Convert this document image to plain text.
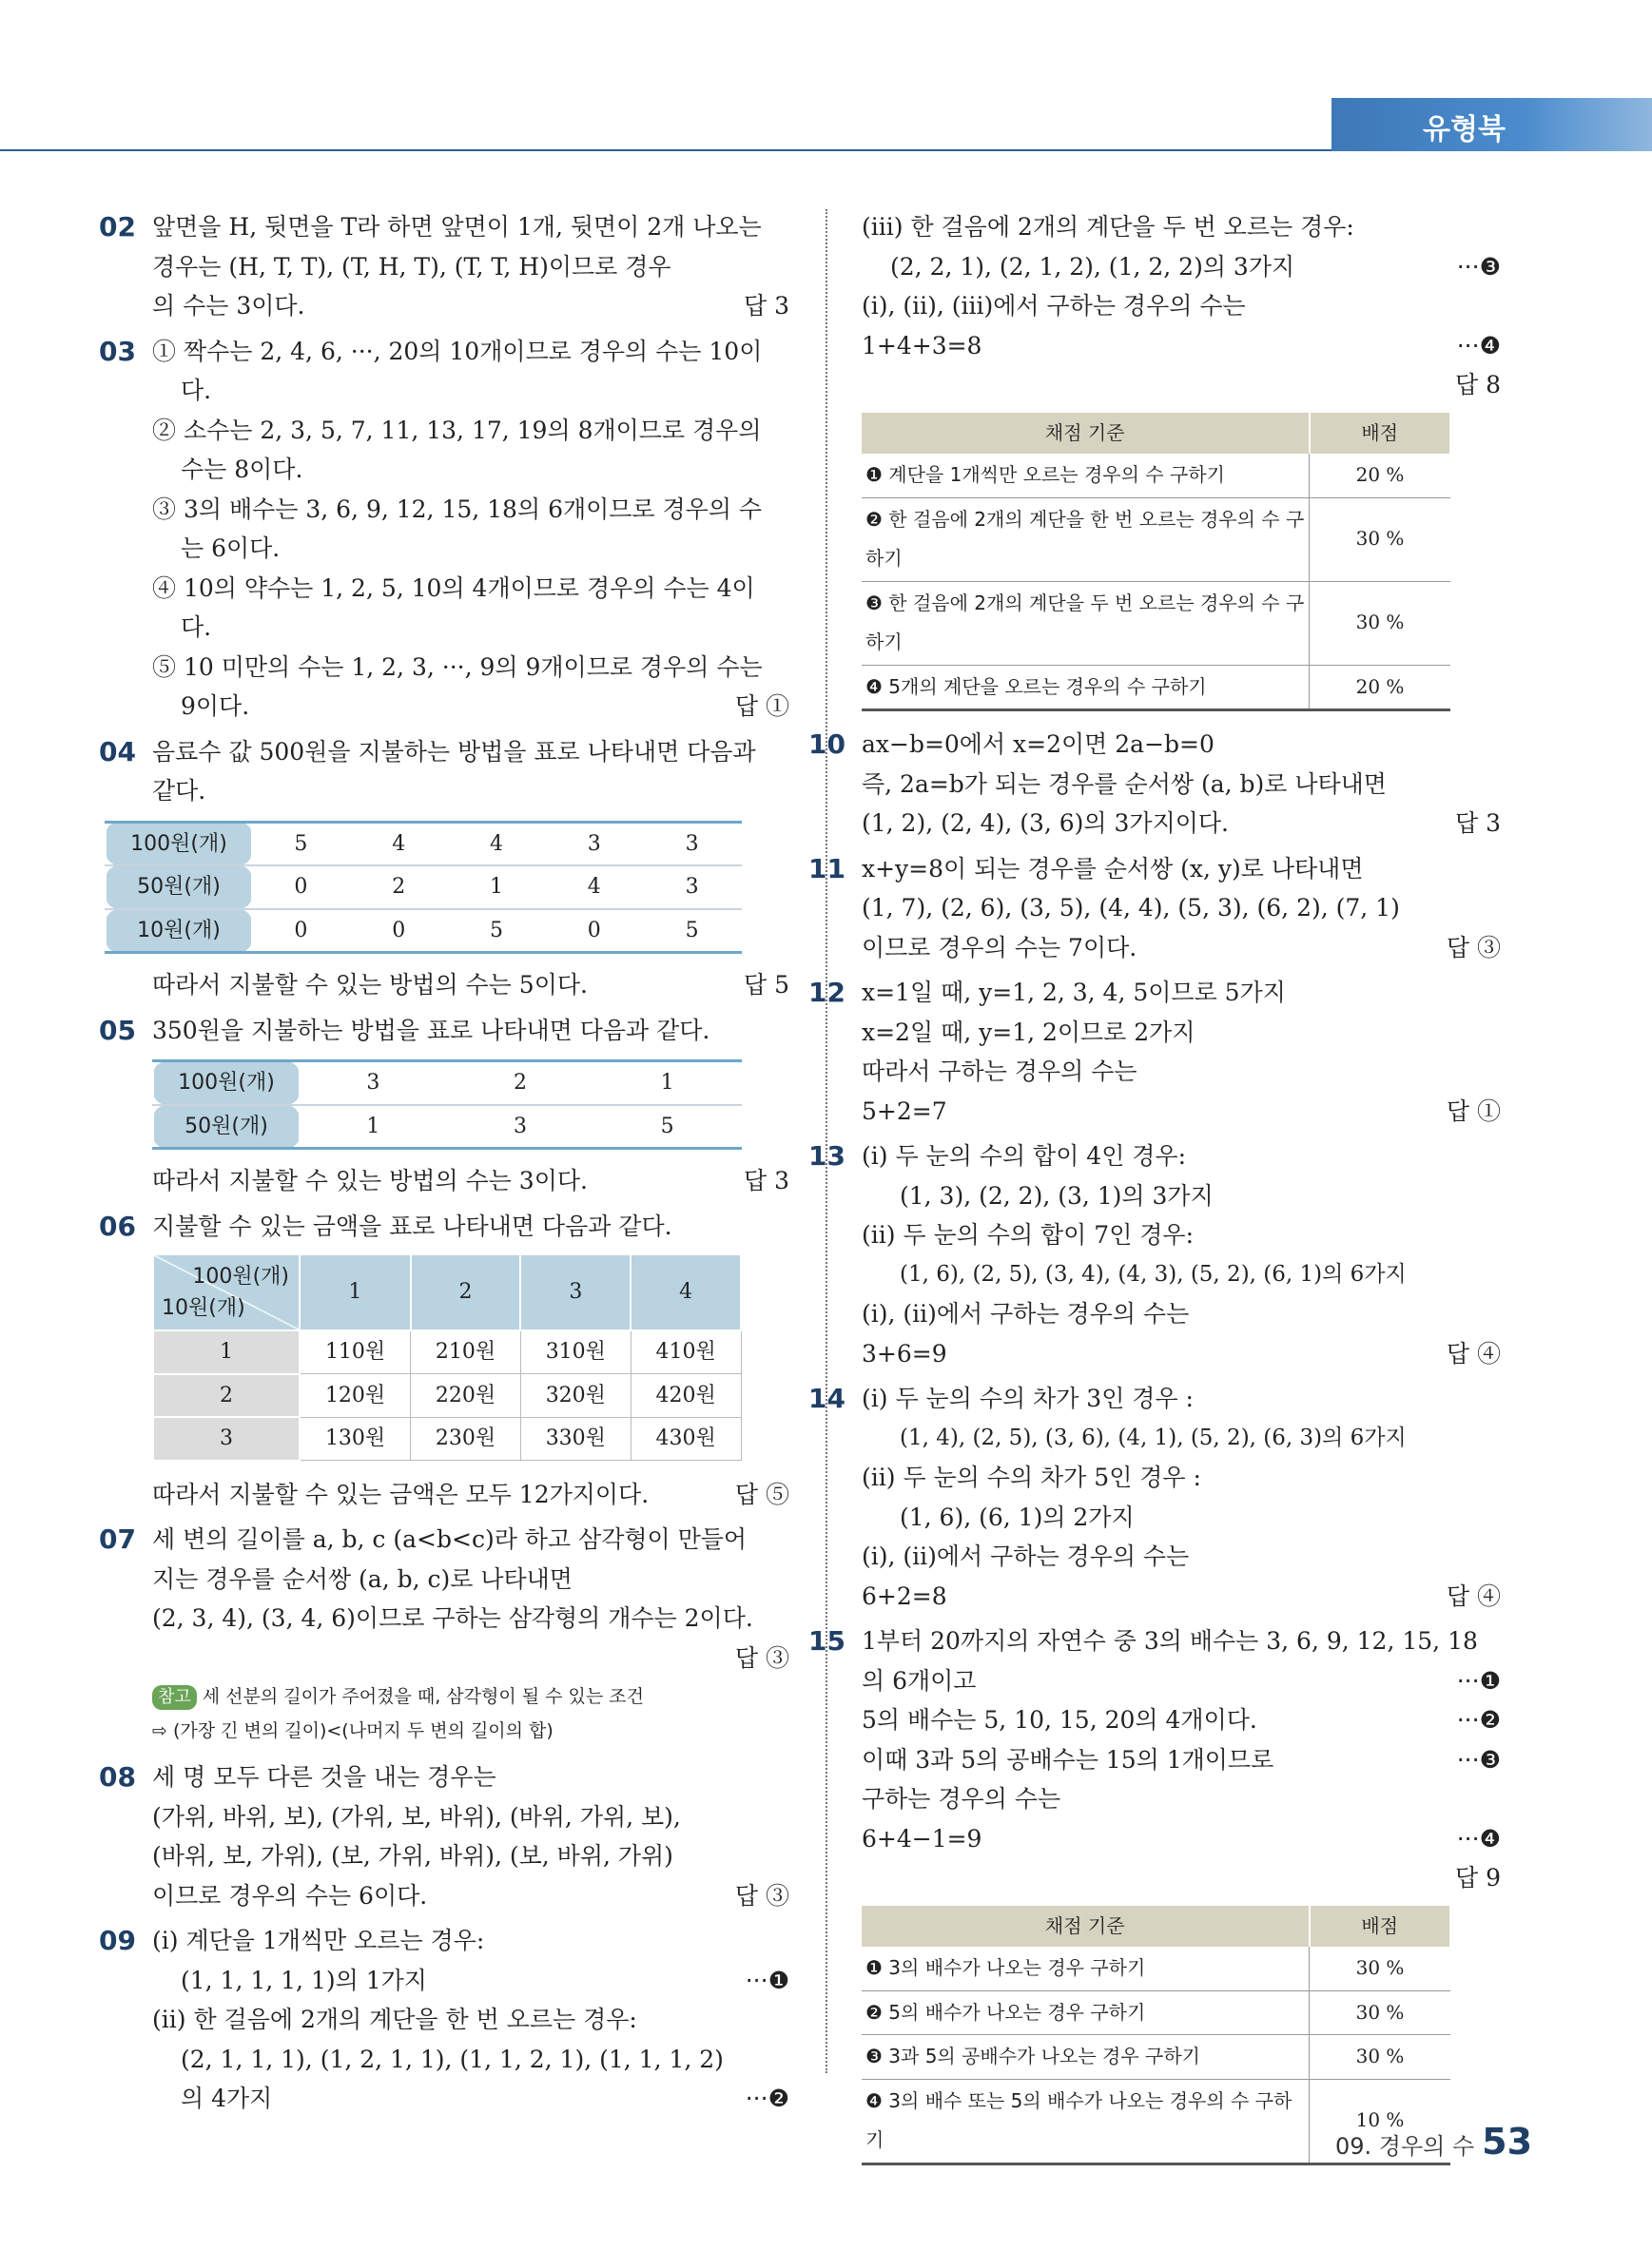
유형북
02 앞면을 H, 뒷면을 T라 하면 앞면이 1개, 뒷면이 2개 나오는
경우는 (H, T, T), (T, H, T), (T, T, H)이므로 경우
의 수는 3이다.	답 3
03 ① 짝수는 2, 4, 6, ···, 20의 10개이므로 경우의 수는 10이
다.
② 소수는 2, 3, 5, 7, 11, 13, 17, 19의 8개이므로 경우의
수는 8이다.
③ 3의 배수는 3, 6, 9, 12, 15, 18의 6개이므로 경우의 수
는 6이다.
④ 10의 약수는 1, 2, 5, 10의 4개이므로 경우의 수는 4이
다.
⑤ 10 미만의 수는 1, 2, 3, ···, 9의 9개이므로 경우의 수는
9이다.	답 ①
04 음료수 값 500원을 지불하는 방법을 표로 나타내면 다음과
같다.
100원(개)	5	4	4	3	3
50원(개)	0	2	1	4	3
10원(개)	0	0	5	0	5
따라서 지불할 수 있는 방법의 수는 5이다.	답 5
05 350원을 지불하는 방법을 표로 나타내면 다음과 같다.
100원(개)	3	2	1
50원(개)	1	3	5
따라서 지불할 수 있는 방법의 수는 3이다.	답 3
06 지불할 수 있는 금액을 표로 나타내면 다음과 같다.
100원(개)
10원(개)	1	2	3	4
1	110원	210원	310원	410원
2	120원	220원	320원	420원
3	130원	230원	330원	430원
따라서 지불할 수 있는 금액은 모두 12가지이다.	답 ⑤
07 세 변의 길이를 a, b, c (a<b<c)라 하고 삼각형이 만들어
지는 경우를 순서쌍 (a, b, c)로 나타내면
(2, 3, 4), (3, 4, 6)이므로 구하는 삼각형의 개수는 2이다.
답 ③
참고 세 선분의 길이가 주어졌을 때, 삼각형이 될 수 있는 조건
⇨ (가장 긴 변의 길이)<(나머지 두 변의 길이의 합)
08 세 명 모두 다른 것을 내는 경우는
(가위, 바위, 보), (가위, 보, 바위), (바위, 가위, 보),
(바위, 보, 가위), (보, 가위, 바위), (보, 바위, 가위)
이므로 경우의 수는 6이다.	답 ③
09 (ⅰ) 계단을 1개씩만 오르는 경우:
(1, 1, 1, 1, 1)의 1가지	···❶
(ⅱ) 한 걸음에 2개의 계단을 한 번 오르는 경우:
(2, 1, 1, 1), (1, 2, 1, 1), (1, 1, 2, 1), (1, 1, 1, 2)
의 4가지	···❷
(ⅲ) 한 걸음에 2개의 계단을 두 번 오르는 경우:
(2, 2, 1), (2, 1, 2), (1, 2, 2)의 3가지	···❸
(ⅰ), (ⅱ), (ⅲ)에서 구하는 경우의 수는
1+4+3=8	···❹
답 8
채점 기준	배점
❶ 계단을 1개씩만 오르는 경우의 수 구하기	20 %
❷ 한 걸음에 2개의 계단을 한 번 오르는 경우의 수 구하기	30 %
❸ 한 걸음에 2개의 계단을 두 번 오르는 경우의 수 구하기	30 %
❹ 5개의 계단을 오르는 경우의 수 구하기	20 %
10 ax−b=0에서 x=2이면 2a−b=0
즉, 2a=b가 되는 경우를 순서쌍 (a, b)로 나타내면
(1, 2), (2, 4), (3, 6)의 3가지이다.	답 3
11 x+y=8이 되는 경우를 순서쌍 (x, y)로 나타내면
(1, 7), (2, 6), (3, 5), (4, 4), (5, 3), (6, 2), (7, 1)
이므로 경우의 수는 7이다.	답 ③
12 x=1일 때, y=1, 2, 3, 4, 5이므로 5가지
x=2일 때, y=1, 2이므로 2가지
따라서 구하는 경우의 수는
5+2=7	답 ①
13 (ⅰ) 두 눈의 수의 합이 4인 경우:
(1, 3), (2, 2), (3, 1)의 3가지
(ⅱ) 두 눈의 수의 합이 7인 경우:
(1, 6), (2, 5), (3, 4), (4, 3), (5, 2), (6, 1)의 6가지
(ⅰ), (ⅱ)에서 구하는 경우의 수는
3+6=9	답 ④
14 (ⅰ) 두 눈의 수의 차가 3인 경우 :
(1, 4), (2, 5), (3, 6), (4, 1), (5, 2), (6, 3)의 6가지
(ⅱ) 두 눈의 수의 차가 5인 경우 :
(1, 6), (6, 1)의 2가지
(ⅰ), (ⅱ)에서 구하는 경우의 수는
6+2=8	답 ④
15 1부터 20까지의 자연수 중 3의 배수는 3, 6, 9, 12, 15, 18
의 6개이고	···❶
5의 배수는 5, 10, 15, 20의 4개이다.	···❷
이때 3과 5의 공배수는 15의 1개이므로	···❸
구하는 경우의 수는
6+4−1=9	···❹
답 9
채점 기준	배점
❶ 3의 배수가 나오는 경우 구하기	30 %
❷ 5의 배수가 나오는 경우 구하기	30 %
❸ 3과 5의 공배수가 나오는 경우 구하기	30 %
❹ 3의 배수 또는 5의 배수가 나오는 경우의 수 구하기	10 %
09. 경우의 수 53
